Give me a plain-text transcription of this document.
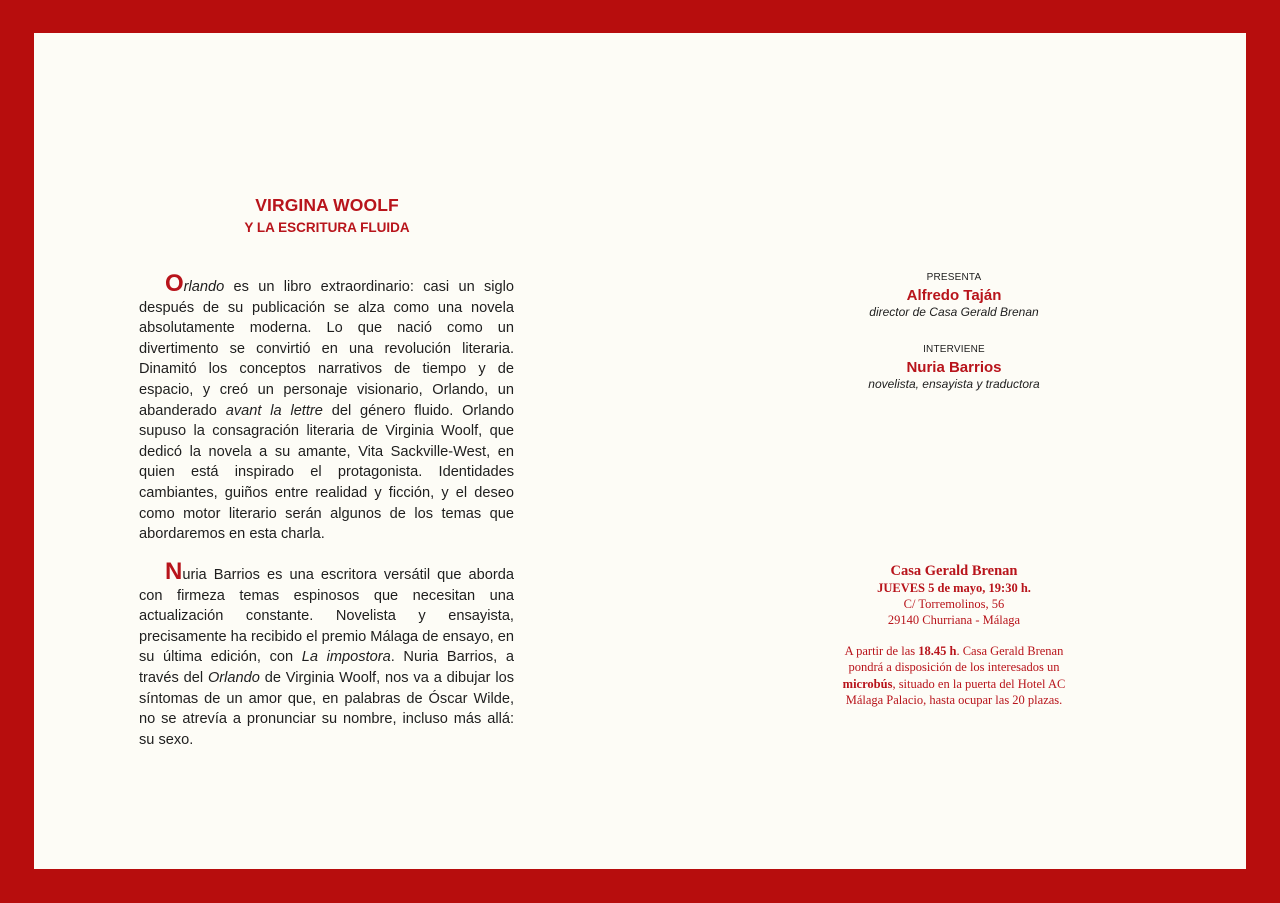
VIRGINA WOOLF
Y LA ESCRITURA FLUIDA

Orlando es un libro extraordinario: casi un siglo después de su publicación se alza como una novela absolutamente moderna. Lo que nació como un divertimento se convirtió en una revolución literaria. Dinamitó los conceptos narrativos de tiempo y de espacio, y creó un personaje visionario, Orlando, un abanderado avant la lettre del género fluido. Orlando supuso la consagración literaria de Virginia Woolf, que dedicó la novela a su amante, Vita Sackville-West, en quien está inspirado el protagonista. Identidades cambiantes, guiños entre realidad y ficción, y el deseo como motor literario serán algunos de los temas que abordaremos en esta charla.

Nuria Barrios es una escritora versátil que aborda con firmeza temas espinosos que necesitan una actualización constante. Novelista y ensayista, precisamente ha recibido el premio Málaga de ensayo, en su última edición, con La impostora. Nuria Barrios, a través del Orlando de Virginia Woolf, nos va a dibujar los síntomas de un amor que, en palabras de Óscar Wilde, no se atrevía a pronunciar su nombre, incluso más allá: su sexo.

PRESENTA
Alfredo Taján
director de Casa Gerald Brenan
INTERVIENE
Nuria Barrios
novelista, ensayista y traductora
Casa Gerald Brenan
JUEVES 5 de mayo, 19:30 h.
C/ Torremolinos, 56
29140 Churriana - Málaga
A partir de las 18.45 h. Casa Gerald Brenan pondrá a disposición de los interesados un microbús, situado en la puerta del Hotel AC Málaga Palacio, hasta ocupar las 20 plazas.
